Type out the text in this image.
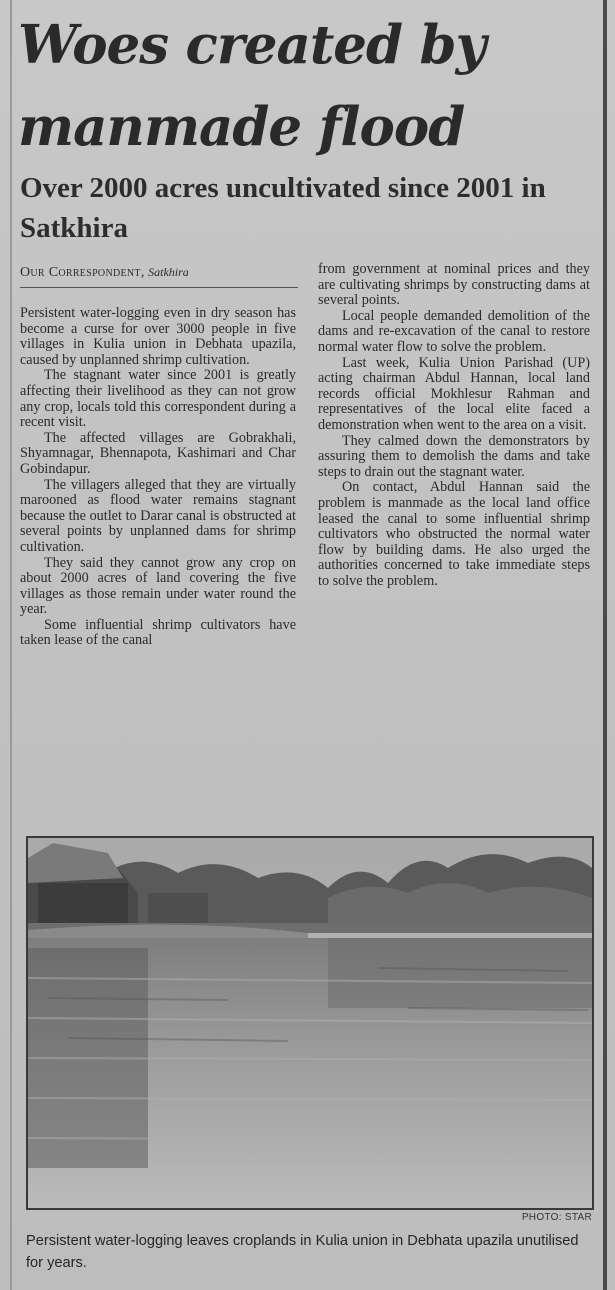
Woes created by manmade flood
Over 2000 acres uncultivated since 2001 in Satkhira
Our Correspondent, Satkhira

Persistent water-logging even in dry season has become a curse for over 3000 people in five villages in Kulia union in Debhata upazila, caused by unplanned shrimp cultivation.

The stagnant water since 2001 is greatly affecting their livelihood as they can not grow any crop, locals told this correspondent during a recent visit.

The affected villages are Gobrakhali, Shyamnagar, Bhennapota, Kashimari and Char Gobindapur.

The villagers alleged that they are virtually marooned as flood water remains stagnant because the outlet to Darar canal is obstructed at several points by unplanned dams for shrimp cultivation.

They said they cannot grow any crop on about 2000 acres of land covering the five villages as those remain under water round the year.

Some influential shrimp cultivators have taken lease of the canal

from government at nominal prices and they are cultivating shrimps by constructing dams at several points.

Local people demanded demolition of the dams and re-excavation of the canal to restore normal water flow to solve the problem.

Last week, Kulia Union Parishad (UP) acting chairman Abdul Hannan, local land records official Mokhlesur Rahman and representatives of the local elite faced a demonstration when went to the area on a visit.

They calmed down the demonstrators by assuring them to demolish the dams and take steps to drain out the stagnant water.

On contact, Abdul Hannan said the problem is manmade as the local land office leased the canal to some influential shrimp cultivators who obstructed the normal water flow by building dams. He also urged the authorities concerned to take immediate steps to solve the problem.

PHOTO: STAR
Persistent water-logging leaves croplands in Kulia union in Debhata upazila unutilised for years.
